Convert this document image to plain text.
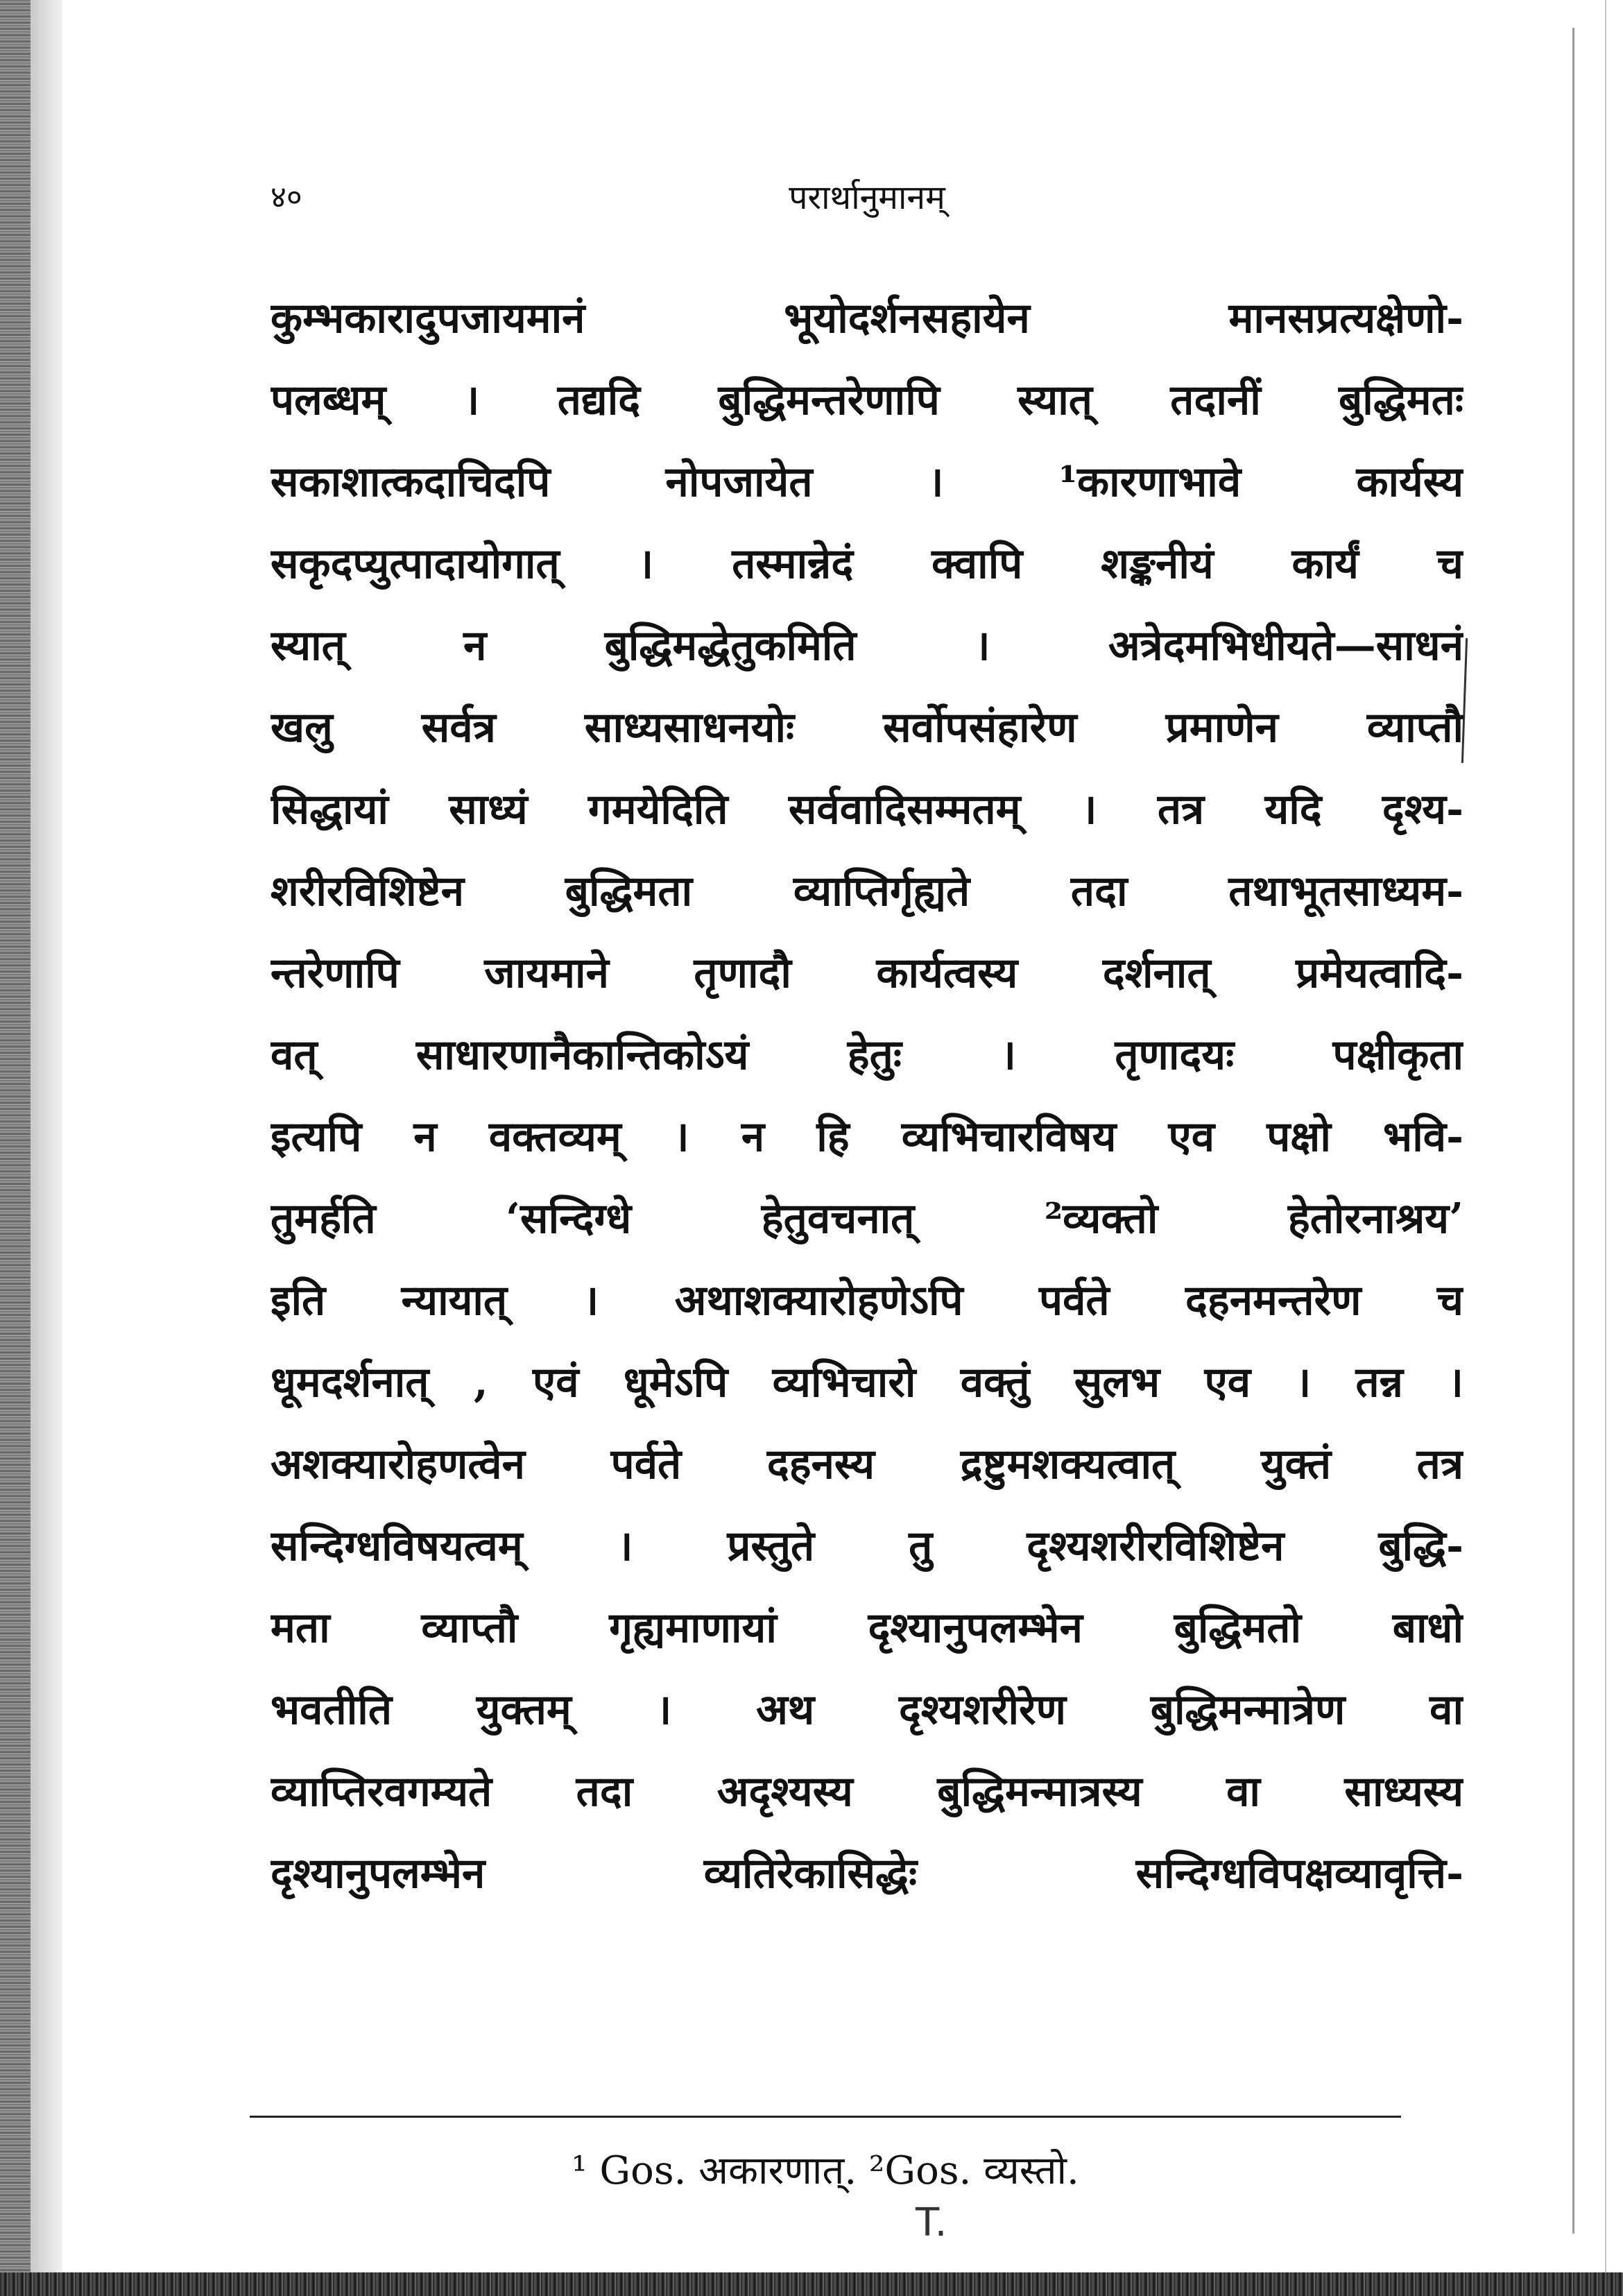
४०	परार्थानुमानम्
कुम्भकारादुपजायमानं भूयोदर्शनसहायेन मानसप्रत्यक्षेणो-
पलब्धम् । तद्यदि बुद्धिमन्तरेणापि स्यात् तदानीं बुद्धिमतः
सकाशात्कदाचिदपि नोपजायेत । ¹कारणाभावे कार्यस्य
सकृदप्युत्पादायोगात् । तस्मान्नेदं क्वापि शङ्कनीयं कार्यं च
स्यात् न बुद्धिमद्धेतुकमिति । अत्रेदमभिधीयते—साधनं
खलु सर्वत्र साध्यसाधनयोः सर्वोपसंहारेण प्रमाणेन व्याप्तौ
सिद्धायां साध्यं गमयेदिति सर्ववादिसम्मतम् । तत्र यदि दृश्य-
शरीरविशिष्टेन बुद्धिमता व्याप्तिर्गृह्यते तदा तथाभूतसाध्यम-
न्तरेणापि जायमाने तृणादौ कार्यत्वस्य दर्शनात् प्रमेयत्वादि-
वत् साधारणानैकान्तिकोऽयं हेतुः । तृणादयः पक्षीकृता
इत्यपि न वक्तव्यम् । न हि व्यभिचारविषय एव पक्षो भवि-
तुमर्हति ‘सन्दिग्धे हेतुवचनात् ²व्यक्तो हेतोरनाश्रय’
इति न्यायात् । अथाशक्यारोहणेऽपि पर्वते दहनमन्तरेण च
धूमदर्शनात् , एवं धूमेऽपि व्यभिचारो वक्तुं सुलभ एव । तन्न ।
अशक्यारोहणत्वेन पर्वते दहनस्य द्रष्टुमशक्यत्वात् युक्तं तत्र
सन्दिग्धविषयत्वम् । प्रस्तुते तु दृश्यशरीरविशिष्टेन बुद्धि-
मता व्याप्तौ गृह्यमाणायां दृश्यानुपलम्भेन बुद्धिमतो बाधो
भवतीति युक्तम् । अथ दृश्यशरीरेण बुद्धिमन्मात्रेण वा
व्याप्तिरवगम्यते तदा अदृश्यस्य बुद्धिमन्मात्रस्य वा साध्यस्य
दृश्यानुपलम्भेन व्यतिरेकासिद्धेः सन्दिग्धविपक्षव्यावृत्ति-
¹ Gos. अकारणात्. ²Gos. व्यस्तो.
T.
